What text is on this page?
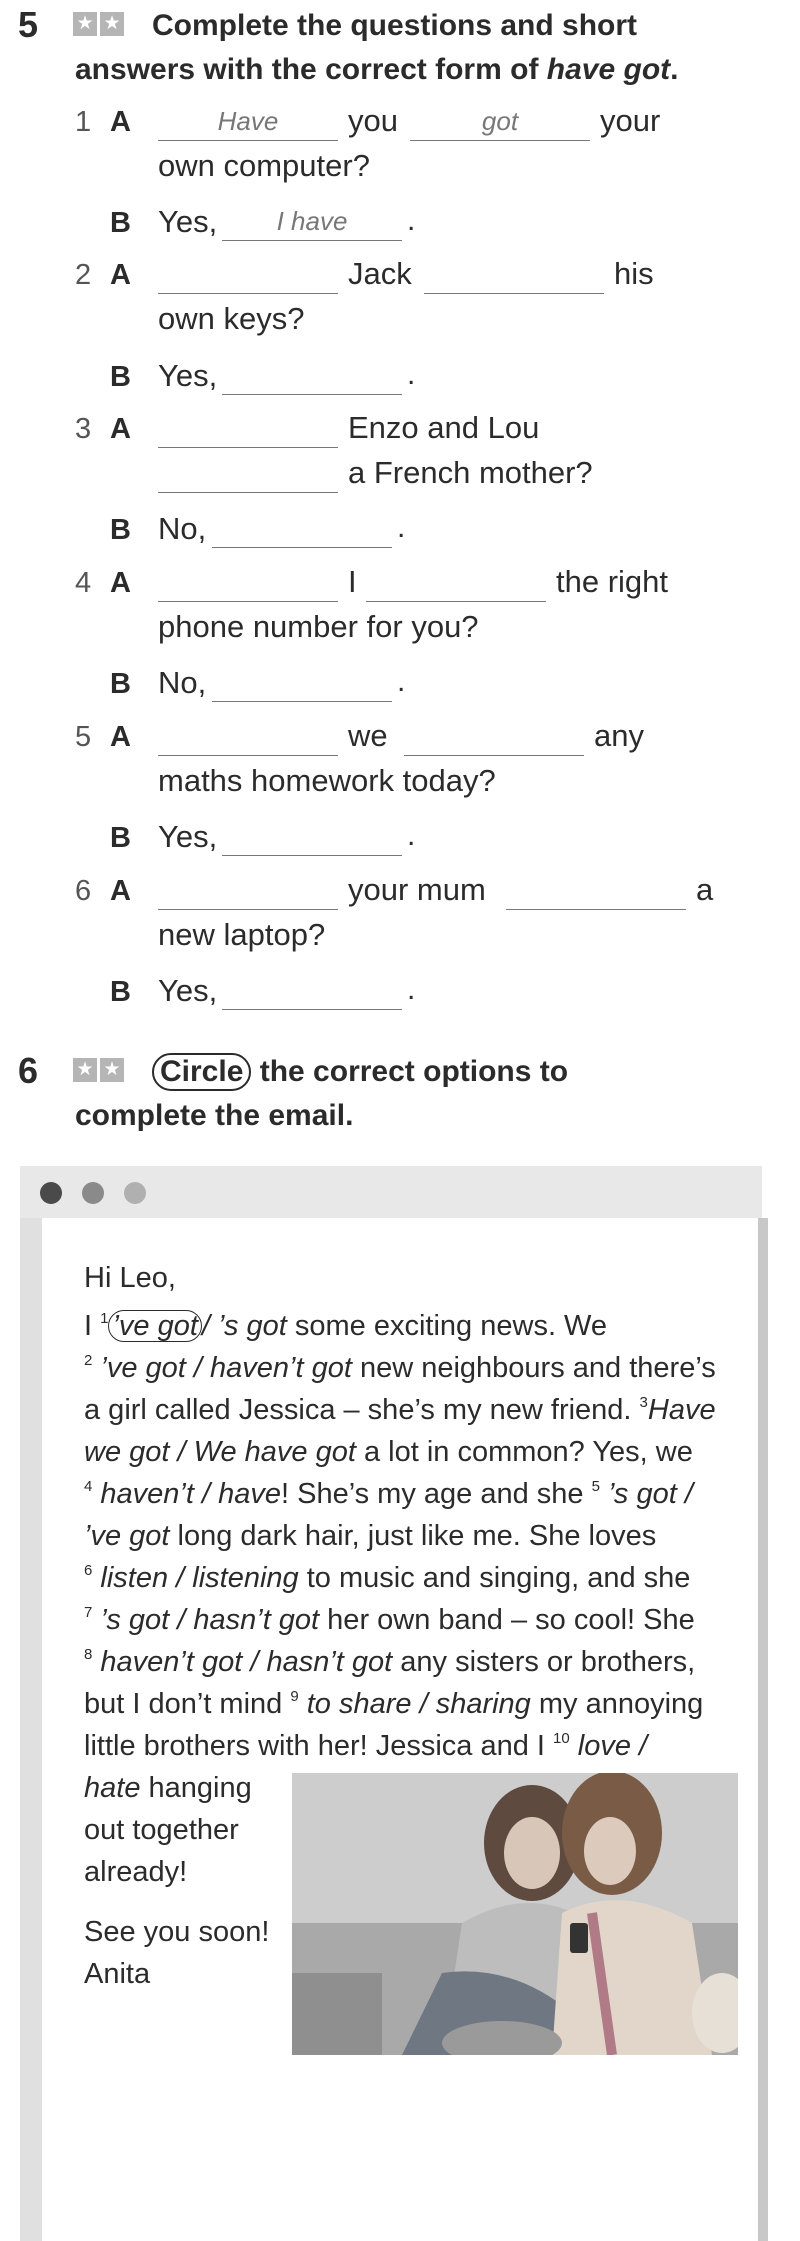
5 ★ ★ Complete the questions and short
answers with the correct form of have got.
1 A	Have	you	got	your
own computer?
B Yes,	I have	.
2 A	Jack	his
own keys?
B Yes,	.
3 A	Enzo and Lou
a French mother?
B No,	.
4 A	I	the right
phone number for you?
B No,	.
5 A	we	any
maths homework today?
B Yes,	.
6 A	your mum	a
new laptop?
B Yes,	.
6 ★ ★ Circle the correct options to
complete the email.
Hi Leo,
I $^1$ ’ve got / ’s got some exciting news. We
$^2$ ’ve got / haven’t got new neighbours and there’s
a girl called Jessica – she’s my new friend. $^3$Have
we got / We have got a lot in common? Yes, we
$^4$ haven’t / have! She’s my age and she $^5$ ’s got /
’ve got long dark hair, just like me. She loves
$^6$ listen / listening to music and singing, and she
$^7$ ’s got / hasn’t got her own band – so cool! She
$^8$ haven’t got / hasn’t got any sisters or brothers,
but I don’t mind $^9$ to share / sharing my annoying
little brothers with her! Jessica and I $^{10}$ love /
hate hanging
out together
already!
See you soon!
Anita
